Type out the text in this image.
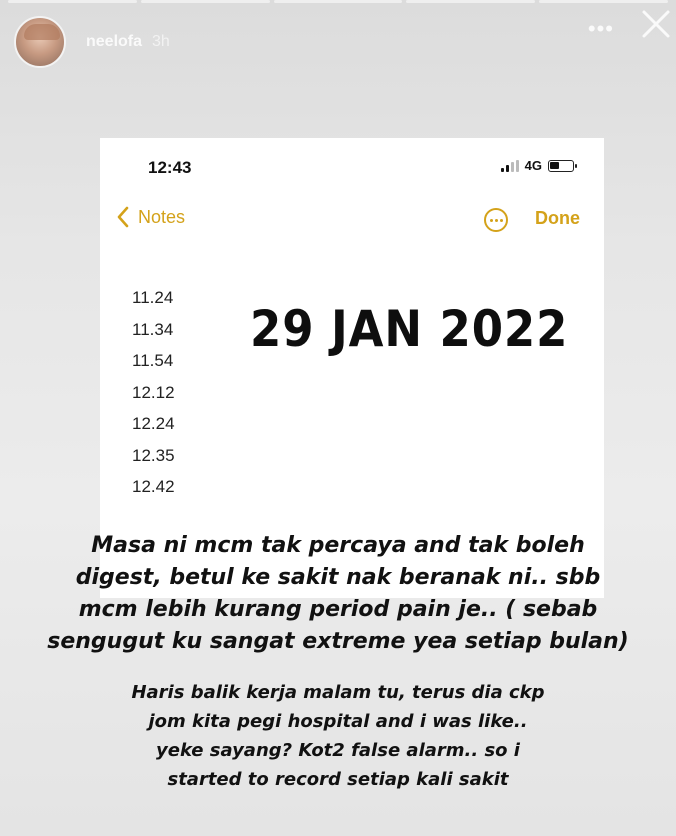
neelofa 3h
•••
12:43	4G
Notes	Done
11.24
11.34
11.54
12.12
12.24
12.35
12.42
29 JAN 2022
Masa ni mcm tak percaya and tak boleh
digest, betul ke sakit nak beranak ni.. sbb
mcm lebih kurang period pain je.. ( sebab
sengugut ku sangat extreme yea setiap bulan)
Haris balik kerja malam tu, terus dia ckp
jom kita pegi hospital and i was like..
yeke sayang? Kot2 false alarm.. so i
started to record setiap kali sakit
